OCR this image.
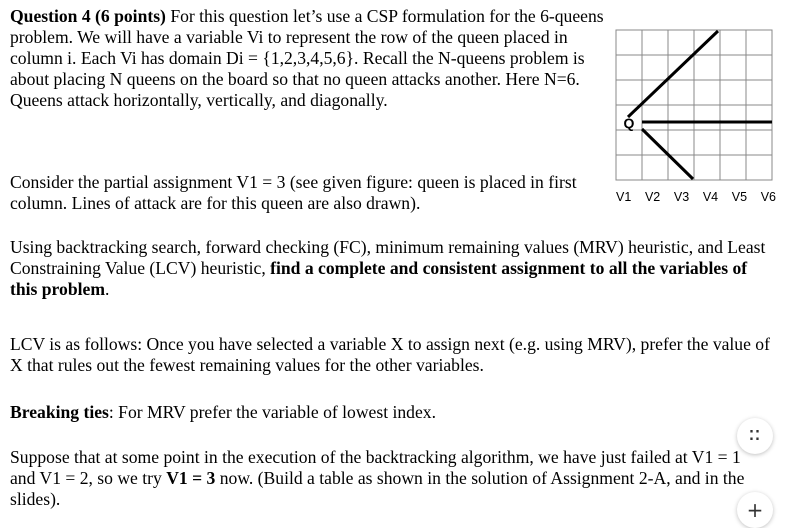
Question 4 (6 points) For this question let’s use a CSP formulation for the 6-queens problem. We will have a variable Vi to represent the row of the queen placed in column i. Each Vi has domain Di = {1,2,3,4,5,6}. Recall the N-queens problem is about placing N queens on the board so that no queen attacks another. Here N=6. Queens attack horizontally, vertically, and diagonally.

Consider the partial assignment V1 = 3 (see given figure: queen is placed in first column. Lines of attack are for this queen are also drawn).

Using backtracking search, forward checking (FC), minimum remaining values (MRV) heuristic, and Least Constraining Value (LCV) heuristic, find a complete and consistent assignment to all the variables of this problem.

LCV is as follows: Once you have selected a variable X to assign next (e.g. using MRV), prefer the value of X that rules out the fewest remaining values for the other variables.

Breaking ties: For MRV prefer the variable of lowest index.

Suppose that at some point in the execution of the backtracking algorithm, we have just failed at V1 = 1 and V1 = 2, so we try V1 = 3 now. (Build a table as shown in the solution of Assignment 2-A, and in the slides).

Q
V1 V2 V3 V4 V5 V6
⁚⁚
+
